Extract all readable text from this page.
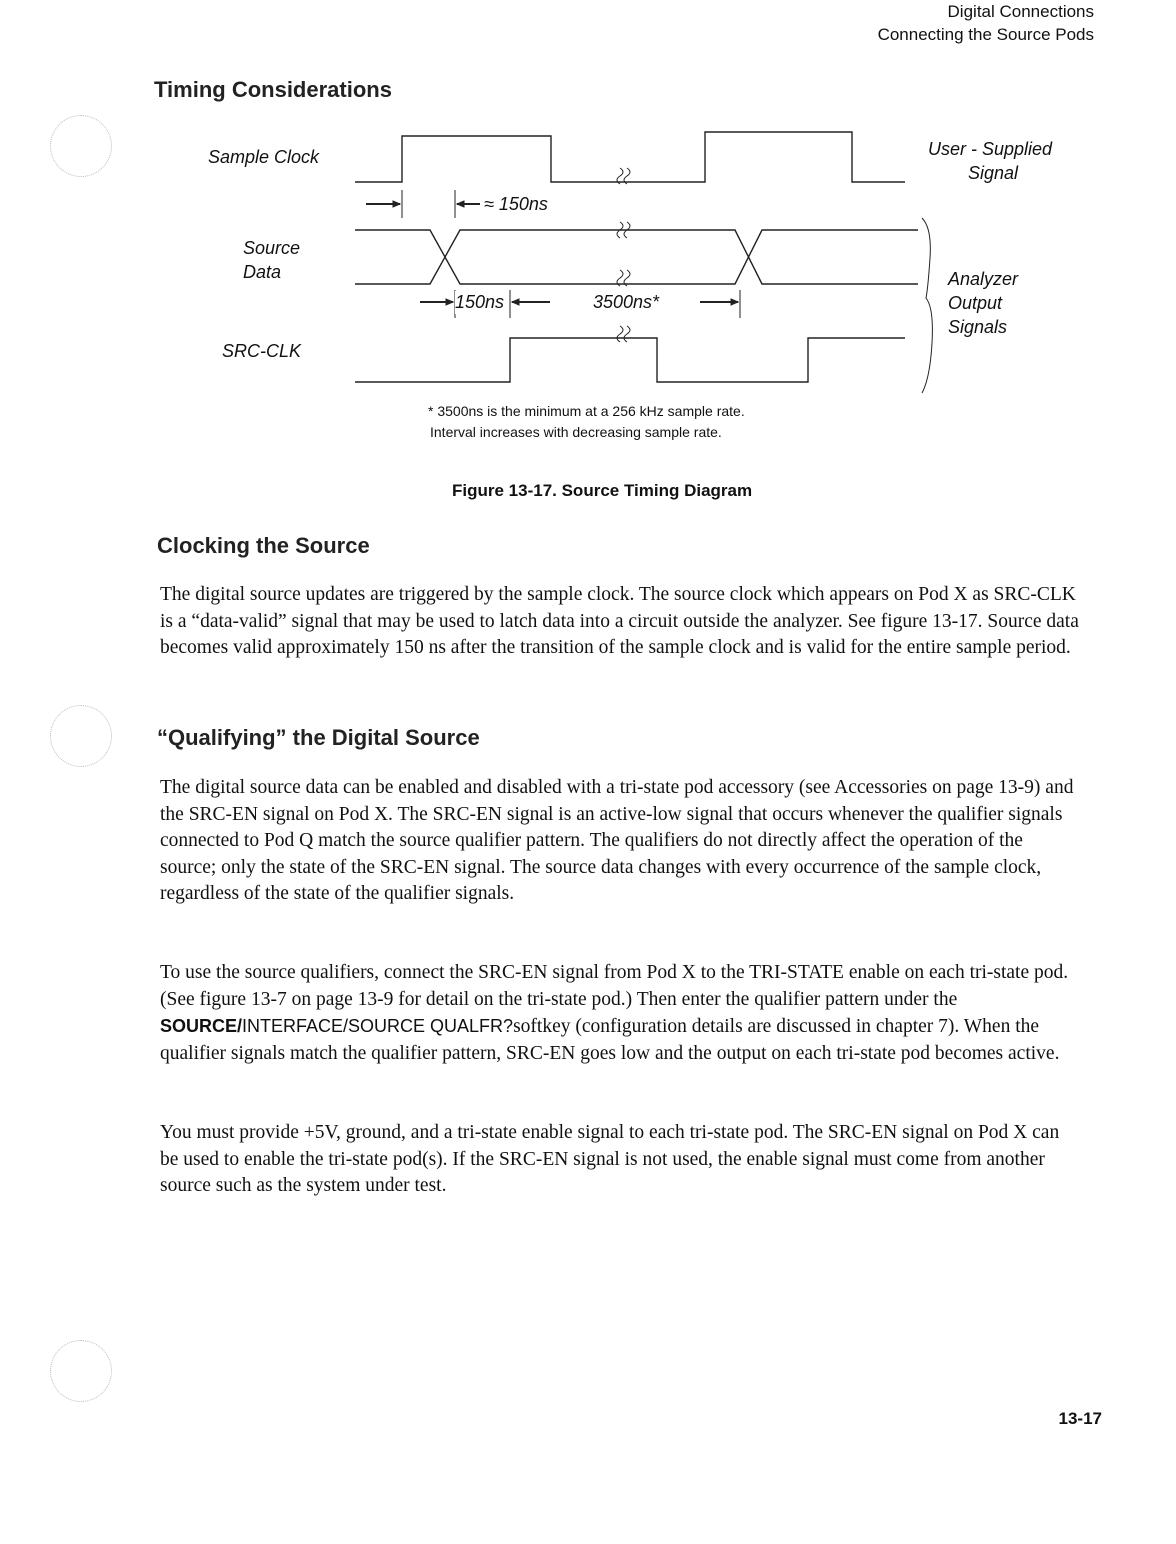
Digital Connections
Connecting the Source Pods
Timing Considerations
Sample Clock
Source
Data
SRC-CLK
User - Supplied
Signal
Analyzer
Output
Signals
≈ 150ns
150ns	3500ns*
* 3500ns is the minimum at a 256 kHz sample rate.
Interval increases with decreasing sample rate.
Figure 13-17. Source Timing Diagram
Clocking the Source

The digital source updates are triggered by the sample clock. The source clock which appears on Pod X as SRC-CLK is a “data-valid” signal that may be used to latch data into a circuit outside the analyzer. See figure 13-17. Source data becomes valid approximately 150 ns after the transition of the sample clock and is valid for the entire sample period.

“Qualifying” the Digital Source

The digital source data can be enabled and disabled with a tri-state pod accessory (see Accessories on page 13-9) and the SRC-EN signal on Pod X. The SRC-EN signal is an active-low signal that occurs whenever the qualifier signals connected to Pod Q match the source qualifier pattern. The qualifiers do not directly affect the operation of the source; only the state of the SRC-EN signal. The source data changes with every occurrence of the sample clock, regardless of the state of the qualifier signals.

To use the source qualifiers, connect the SRC-EN signal from Pod X to the TRI-STATE enable on each tri-state pod. (See figure 13-7 on page 13-9 for detail on the tri-state pod.) Then enter the qualifier pattern under the SOURCE/INTERFACE/SOURCE QUALFR?softkey (configuration details are discussed in chapter 7). When the qualifier signals match the qualifier pattern, SRC-EN goes low and the output on each tri-state pod becomes active.

You must provide +5V, ground, and a tri-state enable signal to each tri-state pod. The SRC-EN signal on Pod X can be used to enable the tri-state pod(s). If the SRC-EN signal is not used, the enable signal must come from another source such as the system under test.

13-17
